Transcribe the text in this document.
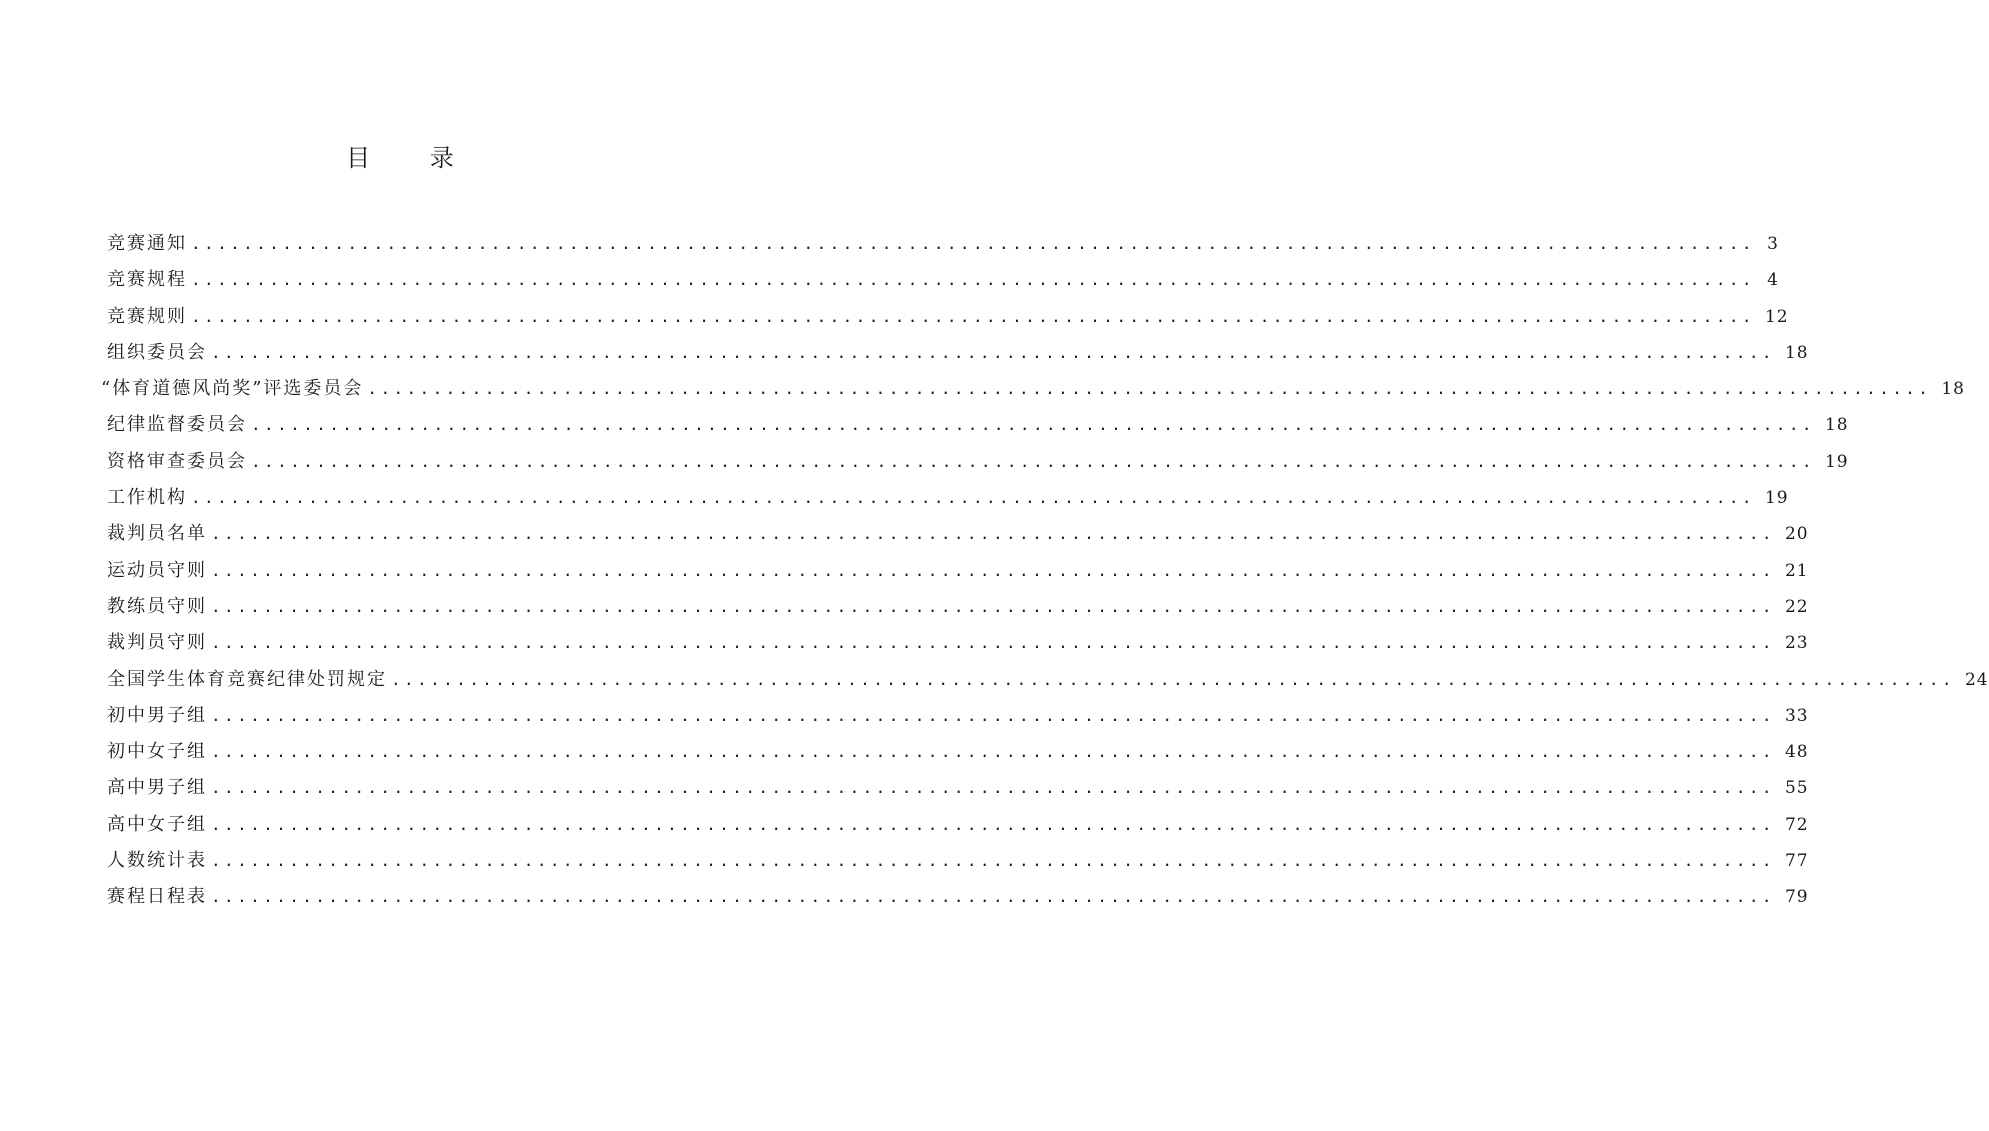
目 录
竞赛通知 ........................................................................................................................ 3
竞赛规程 ........................................................................................................................ 4
竞赛规则 ........................................................................................................................ 12
组织委员会 ........................................................................................................................ 18
“体育道德风尚奖”评选委员会 ........................................................................................................................ 18
纪律监督委员会 ........................................................................................................................ 18
资格审查委员会 ........................................................................................................................ 19
工作机构 ........................................................................................................................ 19
裁判员名单 ........................................................................................................................ 20
运动员守则 ........................................................................................................................ 21
教练员守则 ........................................................................................................................ 22
裁判员守则 ........................................................................................................................ 23
全国学生体育竞赛纪律处罚规定 ........................................................................................................................ 24
初中男子组 ........................................................................................................................ 33
初中女子组 ........................................................................................................................ 48
高中男子组 ........................................................................................................................ 55
高中女子组 ........................................................................................................................ 72
人数统计表 ........................................................................................................................ 77
赛程日程表 ........................................................................................................................ 79
